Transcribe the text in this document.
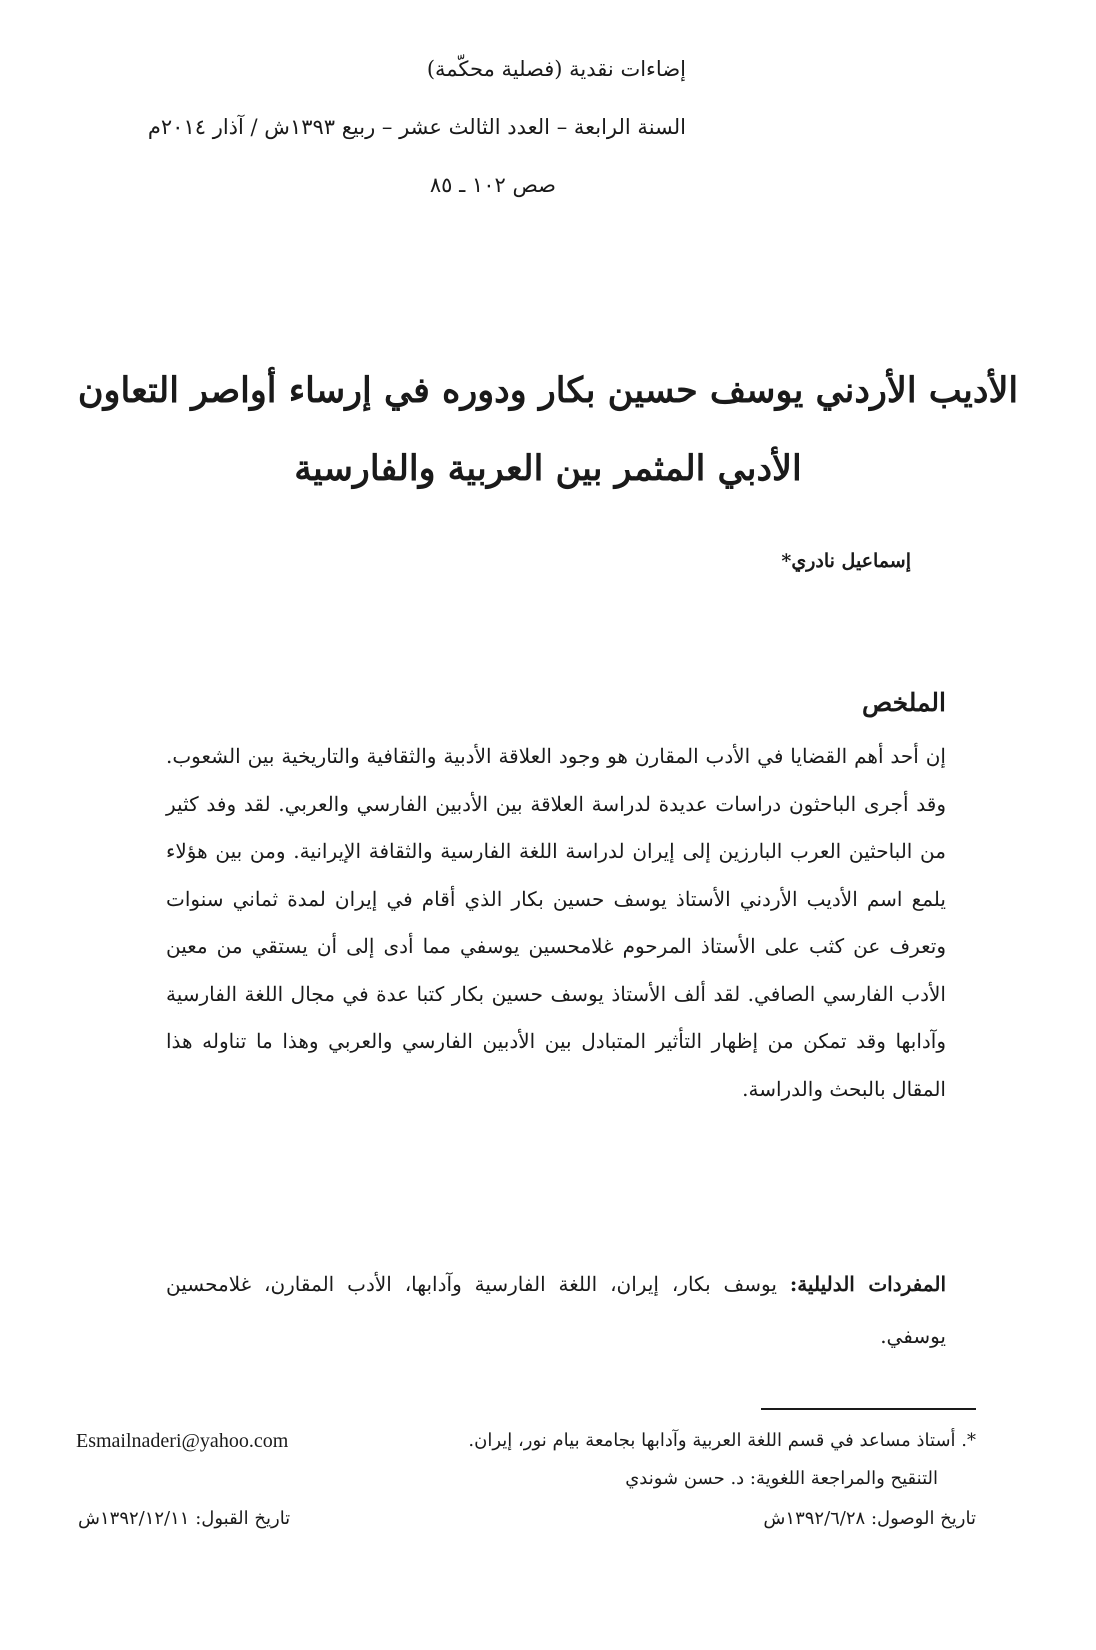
إضاءات نقدية (فصلية محكّمة)
السنة الرابعة – العدد الثالث عشر – ربيع ١٣٩٣ش / آذار ٢٠١٤م
صص ١٠٢ ـ ٨٥
الأديب الأردني يوسف حسين بكار ودوره في إرساء أواصر التعاون
الأدبي المثمر بين العربية والفارسية
إسماعيل نادري*
الملخص
إن أحد أهم القضايا في الأدب المقارن هو وجود العلاقة الأدبية والثقافية والتاريخية بين الشعوب. وقد أجرى الباحثون دراسات عديدة لدراسة العلاقة بين الأدبين الفارسي والعربي. لقد وفد كثير من الباحثين العرب البارزين إلى إيران لدراسة اللغة الفارسية والثقافة الإيرانية. ومن بين هؤلاء يلمع اسم الأديب الأردني الأستاذ يوسف حسين بكار الذي أقام في إيران لمدة ثماني سنوات وتعرف عن كثب على الأستاذ المرحوم غلامحسين يوسفي مما أدى إلى أن يستقي من معين الأدب الفارسي الصافي. لقد ألف الأستاذ يوسف حسين بكار كتبا عدة في مجال اللغة الفارسية وآدابها وقد تمكن من إظهار التأثير المتبادل بين الأدبين الفارسي والعربي وهذا ما تناوله هذا المقال بالبحث والدراسة.
المفردات الدليلية: يوسف بكار، إيران، اللغة الفارسية وآدابها، الأدب المقارن، غلامحسين يوسفي.
*. أستاذ مساعد في قسم اللغة العربية وآدابها بجامعة بيام نور، إيران.
Esmailnaderi@yahoo.com
التنقيح والمراجعة اللغوية: د. حسن شوندي
تاريخ الوصول: ١٣٩٢/٦/٢٨ش
تاريخ القبول: ١٣٩٢/١٢/١١ش
